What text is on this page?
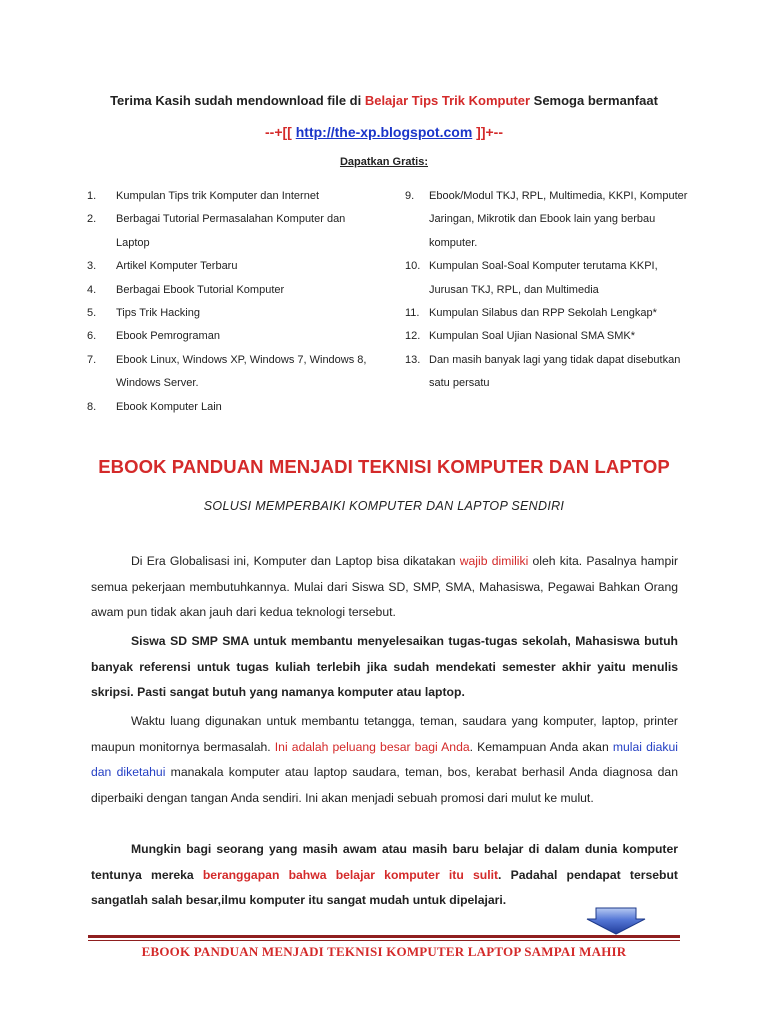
Terima Kasih sudah mendownload file di Belajar Tips Trik Komputer Semoga bermanfaat
--+[[ http://the-xp.blogspot.com ]]+--
Dapatkan Gratis:
1. Kumpulan Tips trik Komputer dan Internet
2. Berbagai Tutorial Permasalahan Komputer dan Laptop
3. Artikel Komputer Terbaru
4. Berbagai Ebook Tutorial Komputer
5. Tips Trik Hacking
6. Ebook Pemrograman
7. Ebook Linux, Windows XP, Windows 7, Windows 8, Windows Server.
8. Ebook Komputer Lain
9. Ebook/Modul TKJ, RPL, Multimedia, KKPI, Komputer Jaringan, Mikrotik dan Ebook lain yang berbau komputer.
10. Kumpulan Soal-Soal Komputer terutama KKPI, Jurusan TKJ, RPL, dan Multimedia
11. Kumpulan Silabus dan RPP Sekolah Lengkap*
12. Kumpulan Soal Ujian Nasional SMA SMK*
13. Dan masih banyak lagi yang tidak dapat disebutkan satu persatu
EBOOK PANDUAN MENJADI TEKNISI KOMPUTER DAN LAPTOP
SOLUSI MEMPERBAIKI KOMPUTER DAN LAPTOP SENDIRI

Di Era Globalisasi ini, Komputer dan Laptop bisa dikatakan wajib dimiliki oleh kita. Pasalnya hampir semua pekerjaan membutuhkannya. Mulai dari Siswa SD, SMP, SMA, Mahasiswa, Pegawai Bahkan Orang awam pun tidak akan jauh dari kedua teknologi tersebut.

Siswa SD SMP SMA untuk membantu menyelesaikan tugas-tugas sekolah, Mahasiswa butuh banyak referensi untuk tugas kuliah terlebih jika sudah mendekati semester akhir yaitu menulis skripsi. Pasti sangat butuh yang namanya komputer atau laptop.

Waktu luang digunakan untuk membantu tetangga, teman, saudara yang komputer, laptop, printer maupun monitornya bermasalah. Ini adalah peluang besar bagi Anda. Kemampuan Anda akan mulai diakui dan diketahui manakala komputer atau laptop saudara, teman, bos, kerabat berhasil Anda diagnosa dan diperbaiki dengan tangan Anda sendiri. Ini akan menjadi sebuah promosi dari mulut ke mulut.

Mungkin bagi seorang yang masih awam atau masih baru belajar di dalam dunia komputer tentunya mereka beranggapan bahwa belajar komputer itu sulit. Padahal pendapat tersebut sangatlah salah besar,ilmu komputer itu sangat mudah untuk dipelajari.

EBOOK PANDUAN MENJADI TEKNISI KOMPUTER LAPTOP SAMPAI MAHIR
